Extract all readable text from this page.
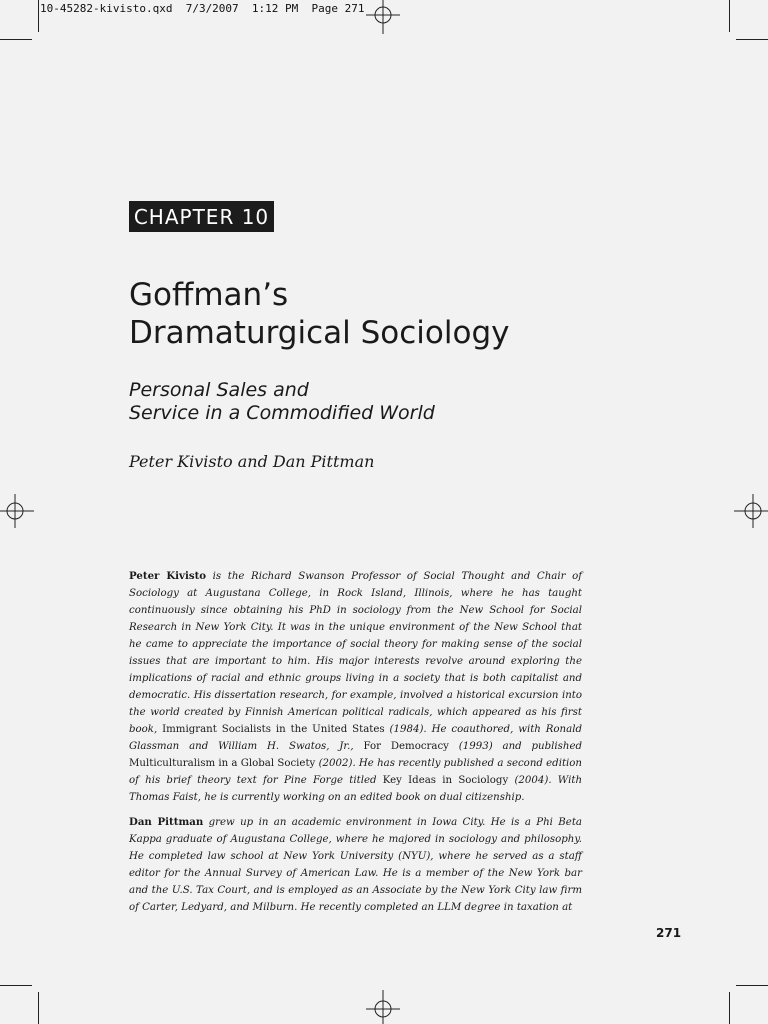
10-45282-kivisto.qxd  7/3/2007  1:12 PM  Page 271
CHAPTER 10
Goffman’s
Dramaturgical Sociology
Personal Sales and
Service in a Commodified World
Peter Kivisto and Dan Pittman

Peter Kivisto is the Richard Swanson Professor of Social Thought and Chair of Sociology at Augustana College, in Rock Island, Illinois, where he has taught continuously since obtaining his PhD in sociology from the New School for Social Research in New York City. It was in the unique environment of the New School that he came to appreciate the importance of social theory for making sense of the social issues that are important to him. His major interests revolve around exploring the implications of racial and ethnic groups living in a society that is both capitalist and democratic. His dissertation research, for example, involved a historical excursion into the world created by Finnish American political radicals, which appeared as his first book, Immigrant Socialists in the United States (1984). He coauthored, with Ronald Glassman and William H. Swatos, Jr., For Democracy (1993) and published Multiculturalism in a Global Society (2002). He has recently published a second edition of his brief theory text for Pine Forge titled Key Ideas in Sociology (2004). With Thomas Faist, he is currently working on an edited book on dual citizenship.

Dan Pittman grew up in an academic environment in Iowa City. He is a Phi Beta Kappa graduate of Augustana College, where he majored in sociology and philosophy. He completed law school at New York University (NYU), where he served as a staff editor for the Annual Survey of American Law. He is a member of the New York bar and the U.S. Tax Court, and is employed as an Associate by the New York City law firm of Carter, Ledyard, and Milburn. He recently completed an LLM degree in taxation at

271
